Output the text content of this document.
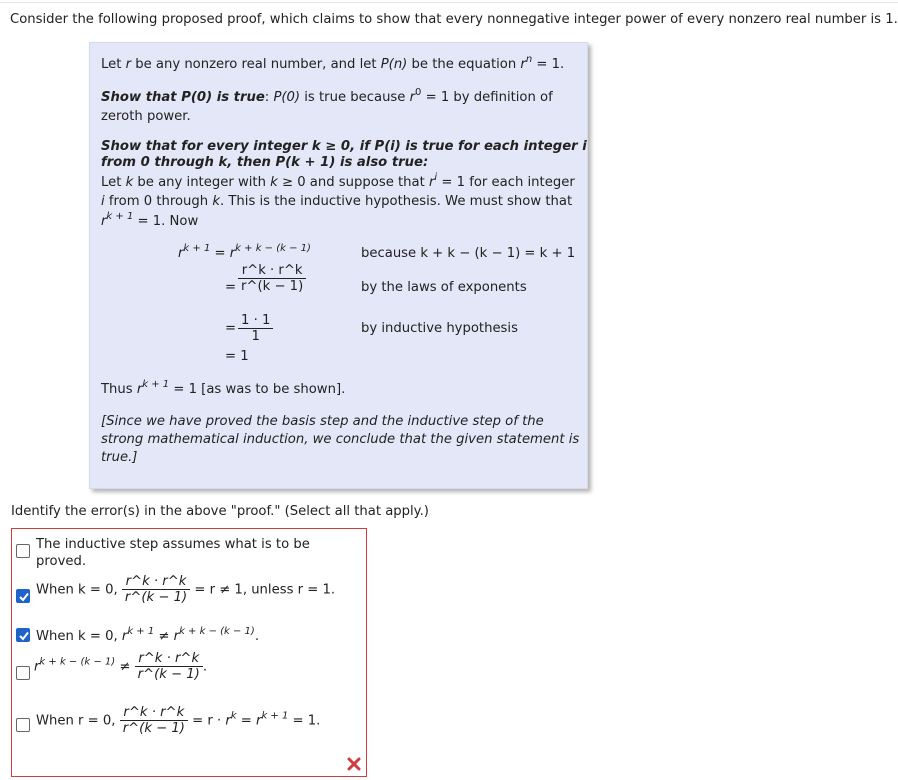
Consider the following proposed proof, which claims to show that every nonnegative integer power of every nonzero real number is 1.
Let r be any nonzero real number, and let P(n) be the equation $r^n = 1$.
Show that P(0) is true: P(0) is true because $r^0 = 1$ by definition of
zeroth power.
Show that for every integer k ≥ 0, if P(i) is true for each integer i
from 0 through k, then P(k + 1) is also true:
Let k be any integer with k ≥ 0 and suppose that $r^i = 1$ for each integer
i from 0 through k. This is the inductive hypothesis. We must show that
$r^{k + 1} = 1$. Now
$r^{k + 1} = r^{k + k - (k - 1)}$	because k + k − (k − 1) = k + 1
= $\frac{r\^{}k \cdot r\^{}k}{r\^{}(k - 1)}$	by the laws of exponents
= $\frac{1 \cdot 1}{1}$	by inductive hypothesis
= 1
Thus $r^{k + 1} = 1$ [as was to be shown].
[Since we have proved the basis step and the inductive step of the
strong mathematical induction, we conclude that the given statement is
true.]
Identify the error(s) in the above "proof." (Select all that apply.)
The inductive step assumes what is to be
proved.
When k = 0, $\frac{r\^{}k \cdot r\^{}k}{r\^{}(k - 1)} = r \ne 1$, unless r = 1.
When k = 0, $r^{k + 1} \ne r^{k + k - (k - 1)}$.
$r^{k + k - (k - 1)} \ne \frac{r\^{}k \cdot r\^{}k}{r\^{}(k - 1)}$ .
When r = 0, $\frac{r\^{}k \cdot r\^{}k}{r\^{}(k - 1)} = r \cdot r^k = r^{k + 1} = 1$.
